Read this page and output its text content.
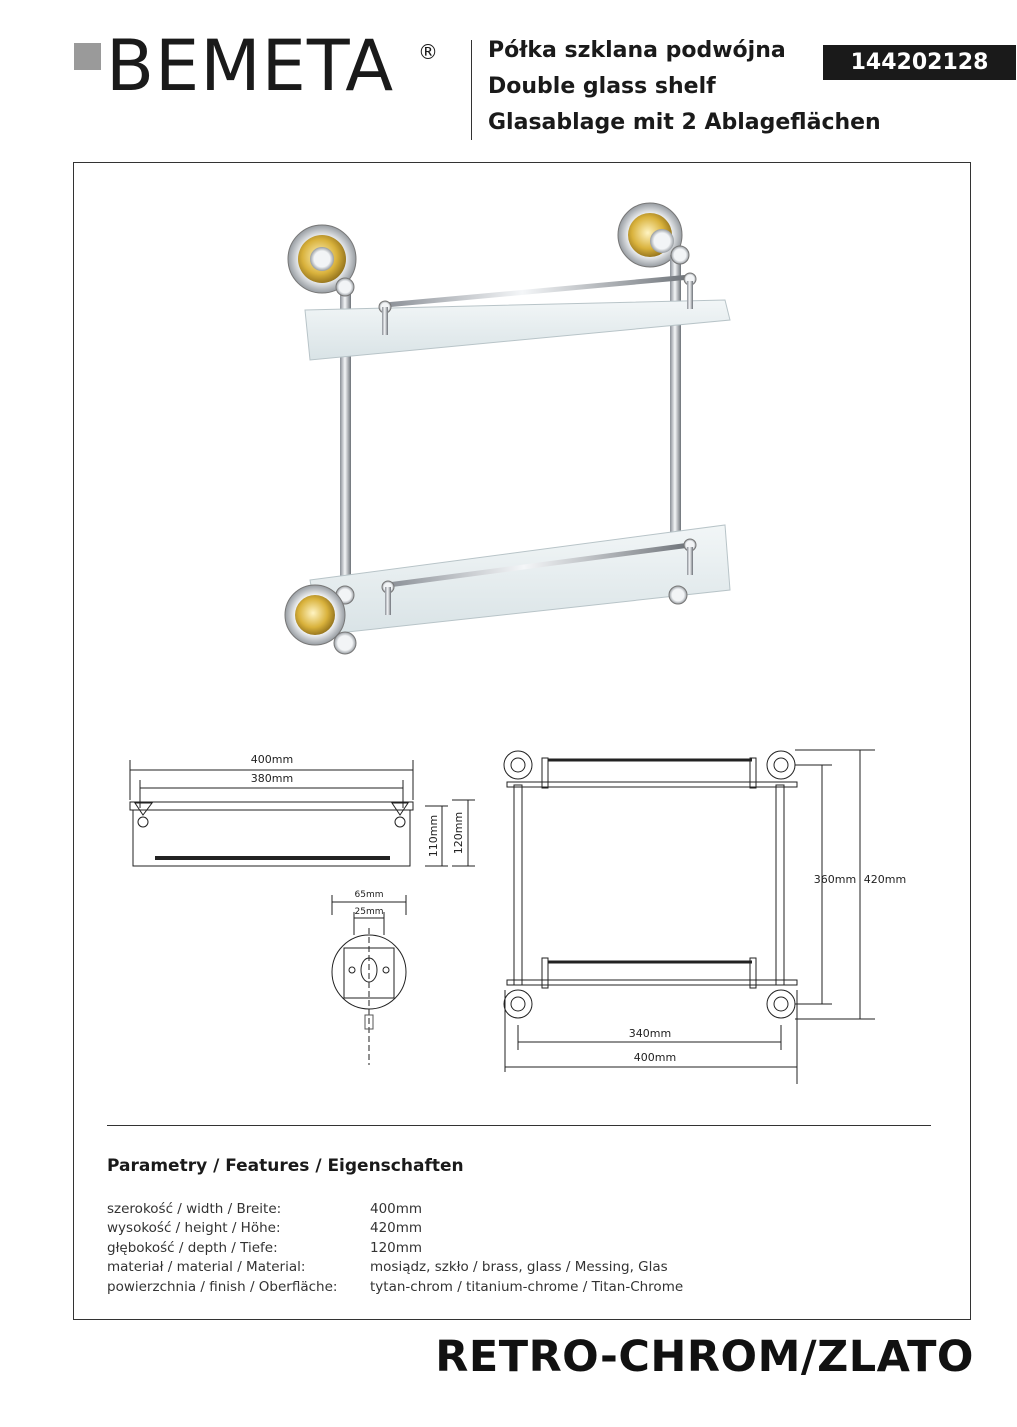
BEMETA ® Półka szklana podwójna
Double glass shelf
Glasablage mit 2 Ablageflächen
144202128
400mm
380mm
110mm 120mm
65mm
25mm
360mm 420mm
340mm
400mm
Parametry / Features / Eigenschaften
szerokość / width / Breite:	400mm
wysokość / height / Höhe:	420mm
głębokość / depth / Tiefe:	120mm
materiał / material / Material:	mosiądz, szkło / brass, glass / Messing, Glas
powierzchnia / finish / Oberfläche: tytan-chrom / titanium-chrome / Titan-Chrome
RETRO-CHROM/ZLATO
